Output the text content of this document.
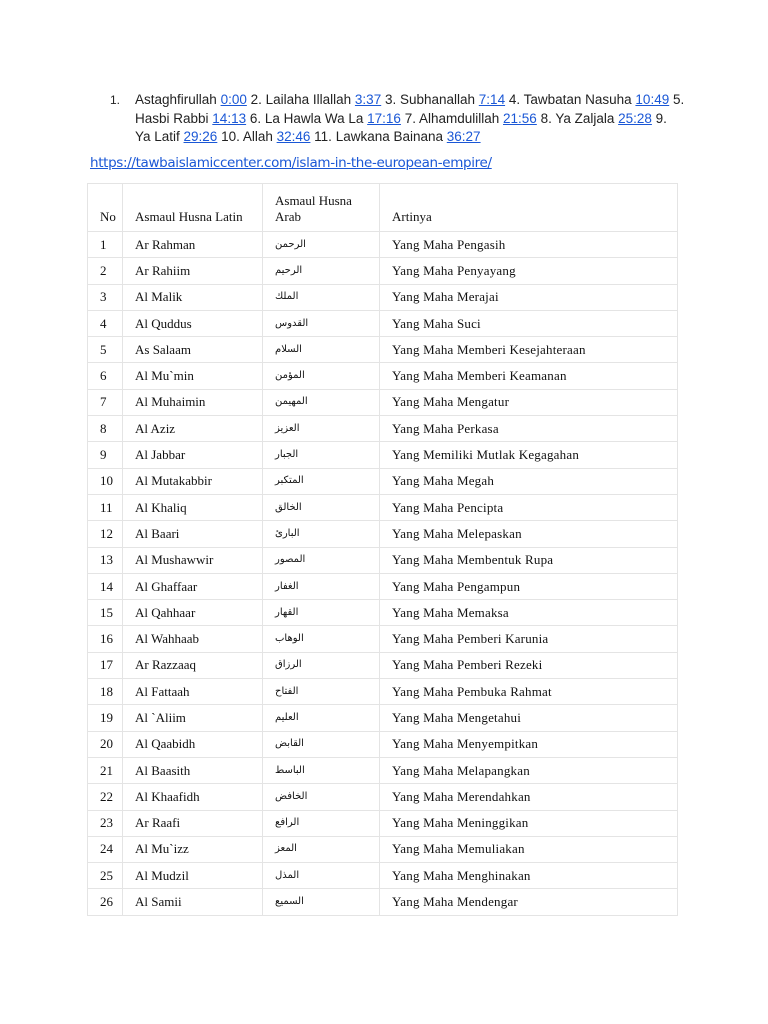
1. Astaghfirullah 0:00 2. Lailaha Illallah 3:37 3. Subhanallah 7:14 4. Tawbatan Nasuha 10:49 5. Hasbi Rabbi 14:13 6. La Hawla Wa La 17:16 7. Alhamdulillah 21:56 8. Ya Zaljala 25:28 9. Ya Latif 29:26 10. Allah 32:46 11. Lawkana Bainana 36:27
https://tawbaislamiccenter.com/islam-in-the-european-empire/
No	Asmaul Husna Latin	Asmaul Husna Arab	Artinya
1	Ar Rahman	الرحمن	Yang Maha Pengasih
2	Ar Rahiim	الرحيم	Yang Maha Penyayang
3	Al Malik	الملك	Yang Maha Merajai
4	Al Quddus	القدوس	Yang Maha Suci
5	As Salaam	السلام	Yang Maha Memberi Kesejahteraan
6	Al Mu`min	المؤمن	Yang Maha Memberi Keamanan
7	Al Muhaimin	المهيمن	Yang Maha Mengatur
8	Al Aziz	العزيز	Yang Maha Perkasa
9	Al Jabbar	الجبار	Yang Memiliki Mutlak Kegagahan
10	Al Mutakabbir	المتكبر	Yang Maha Megah
11	Al Khaliq	الخالق	Yang Maha Pencipta
12	Al Baari	البارئ	Yang Maha Melepaskan
13	Al Mushawwir	المصور	Yang Maha Membentuk Rupa
14	Al Ghaffaar	الغفار	Yang Maha Pengampun
15	Al Qahhaar	القهار	Yang Maha Memaksa
16	Al Wahhaab	الوهاب	Yang Maha Pemberi Karunia
17	Ar Razzaaq	الرزاق	Yang Maha Pemberi Rezeki
18	Al Fattaah	الفتاح	Yang Maha Pembuka Rahmat
19	Al `Aliim	العليم	Yang Maha Mengetahui
20	Al Qaabidh	القابض	Yang Maha Menyempitkan
21	Al Baasith	الباسط	Yang Maha Melapangkan
22	Al Khaafidh	الخافض	Yang Maha Merendahkan
23	Ar Raafi	الرافع	Yang Maha Meninggikan
24	Al Mu`izz	المعز	Yang Maha Memuliakan
25	Al Mudzil	المذل	Yang Maha Menghinakan
26	Al Samii	السميع	Yang Maha Mendengar
